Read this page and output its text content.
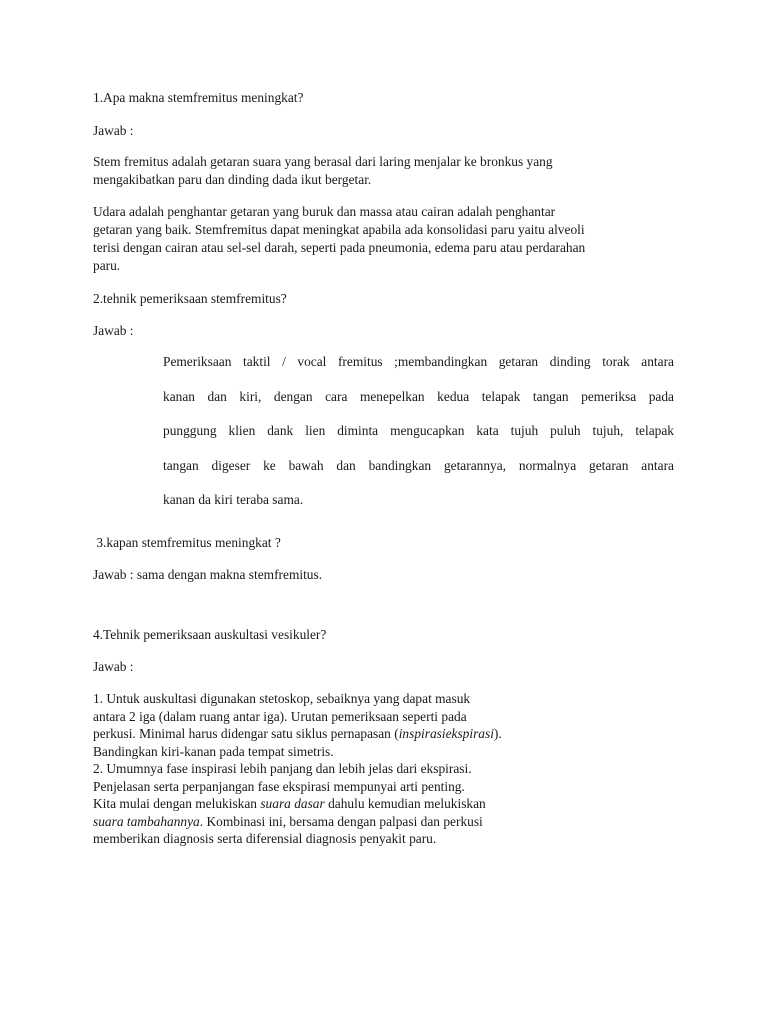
1.Apa makna stemfremitus meningkat?

Jawab :

Stem fremitus adalah getaran suara yang berasal dari laring menjalar ke bronkus yang
mengakibatkan paru dan dinding dada ikut bergetar.

Udara adalah penghantar getaran yang buruk dan massa atau cairan adalah penghantar
getaran yang baik. Stemfremitus dapat meningkat apabila ada konsolidasi paru yaitu alveoli
terisi dengan cairan atau sel-sel darah, seperti pada pneumonia, edema paru atau perdarahan
paru.

2.tehnik pemeriksaan stemfremitus?

Jawab :

Pemeriksaan taktil / vocal fremitus ;membandingkan getaran dinding torak antara
kanan dan kiri, dengan cara menepelkan kedua telapak tangan pemeriksa pada
punggung klien dank lien diminta mengucapkan kata tujuh puluh tujuh, telapak
tangan digeser ke bawah dan bandingkan getarannya, normalnya getaran antara
kanan da kiri teraba sama.

3.kapan stemfremitus meningkat ?

Jawab : sama dengan makna stemfremitus.

4.Tehnik pemeriksaan auskultasi vesikuler?

Jawab :

1. Untuk auskultasi digunakan stetoskop, sebaiknya yang dapat masuk
antara 2 iga (dalam ruang antar iga). Urutan pemeriksaan seperti pada
perkusi. Minimal harus didengar satu siklus pernapasan (inspirasiekspirasi).
Bandingkan kiri-kanan pada tempat simetris.
2. Umumnya fase inspirasi lebih panjang dan lebih jelas dari ekspirasi.
Penjelasan serta perpanjangan fase ekspirasi mempunyai arti penting.
Kita mulai dengan melukiskan suara dasar dahulu kemudian melukiskan
suara tambahannya. Kombinasi ini, bersama dengan palpasi dan perkusi
memberikan diagnosis serta diferensial diagnosis penyakit paru.
